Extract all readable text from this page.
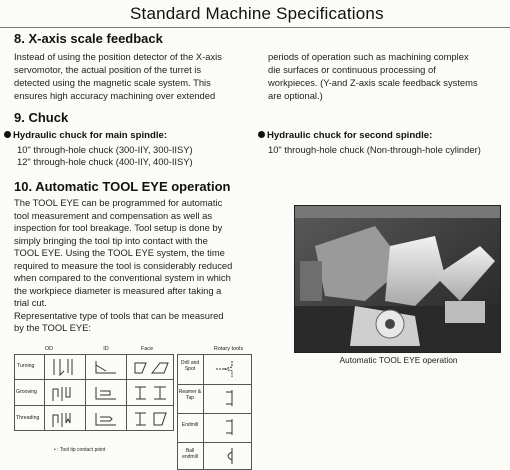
Standard Machine Specifications
8. X-axis scale feedback
Instead of using the position detector of the X-axis
servomotor, the actual position of the turret is
detected using the magnetic scale system. This
ensures high accuracy machining over extended
periods of operation such as machining complex
die surfaces or continuous processing of
workpieces. (Y-and Z-axis scale feedback systems
are optional.)
9. Chuck
Hydraulic chuck for main spindle:
10" through-hole chuck (300-IIY, 300-IISY)
12" through-hole chuck (400-IIY, 400-IISY)
Hydraulic chuck for second spindle:
10" through-hole chuck (Non-through-hole cylinder)
10. Automatic TOOL EYE operation
The TOOL EYE can be programmed for automatic
tool measurement and compensation as well as
inspection for tool breakage. Tool setup is done by
simply bringing the tool tip into contact with the
TOOL EYE. Using the TOOL EYE system, the time
required to measure the tool is considerably reduced
when compared to the conventional system in which
the workpiece diameter is measured after taking a
trial cut.
Representative type of tools that can be measured
by the TOOL EYE:
Automatic TOOL EYE operation
OD	ID	Face	Rotary tools
Turning
Grooving
Threading
Drill and Spot
Reamer & Tap
Endmill
Ball endmill
• : Tool tip contact point
